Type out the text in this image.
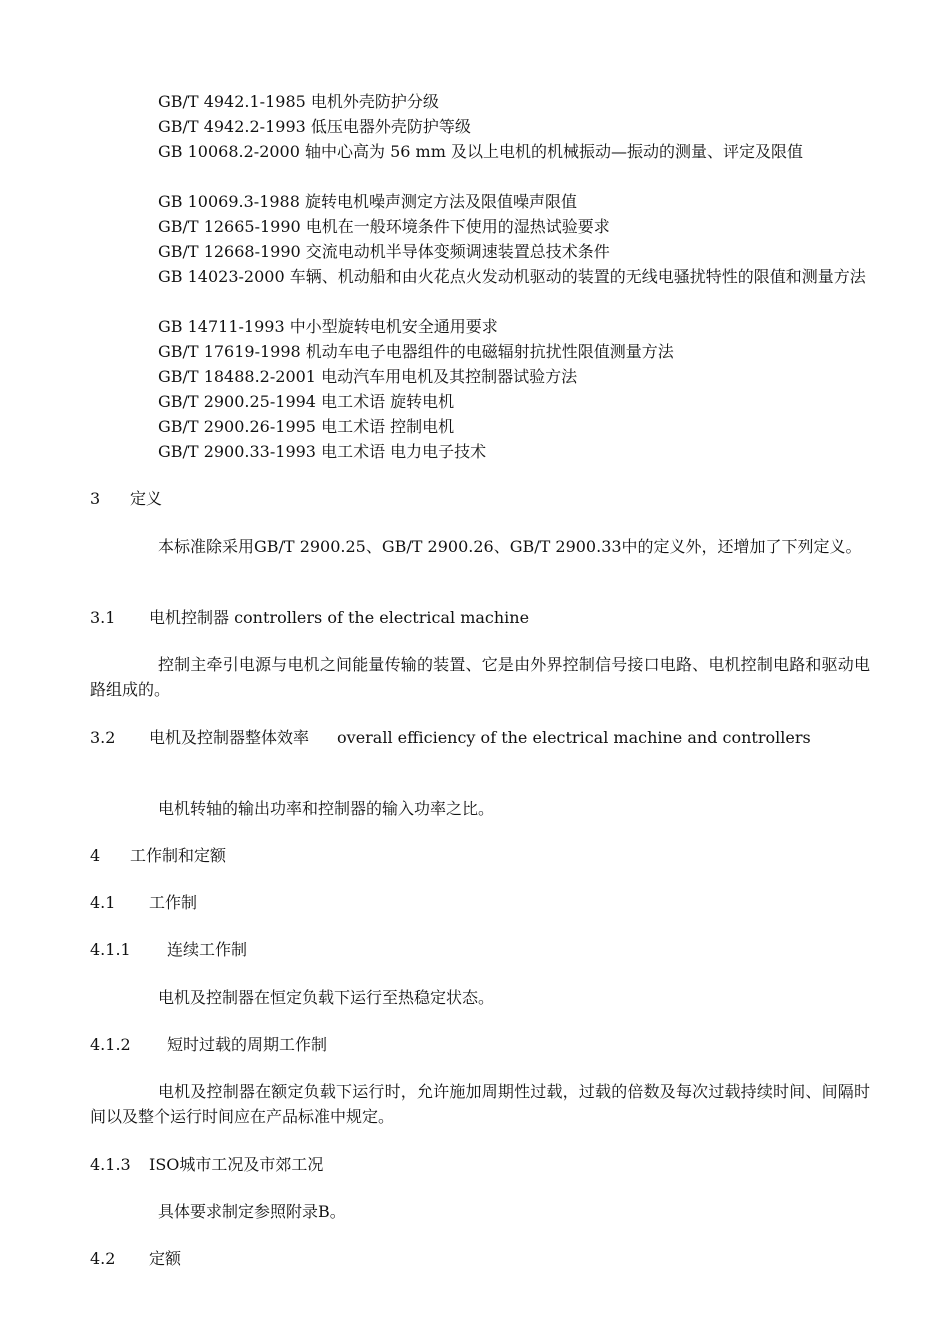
GB/T 4942.1-1985 电机外壳防护分级
GB/T 4942.2-1993 低压电器外壳防护等级
GB 10068.2-2000 轴中心高为 56 mm 及以上电机的机械振动—振动的测量、评定及限值
GB 10069.3-1988 旋转电机噪声测定方法及限值噪声限值
GB/T 12665-1990 电机在一般环境条件下使用的湿热试验要求
GB/T 12668-1990 交流电动机半导体变频调速装置总技术条件
GB 14023-2000 车辆、机动船和由火花点火发动机驱动的装置的无线电骚扰特性的限值和测量方法
GB 14711-1993 中小型旋转电机安全通用要求
GB/T 17619-1998 机动车电子电器组件的电磁辐射抗扰性限值测量方法
GB/T 18488.2-2001 电动汽车用电机及其控制器试验方法
GB/T 2900.25-1994 电工术语 旋转电机
GB/T 2900.26-1995 电工术语 控制电机
GB/T 2900.33-1993 电工术语 电力电子技术
3 定义
本标准除采用GB/T 2900.25、GB/T 2900.26、GB/T 2900.33中的定义外，还增加了下列定义。
3.1 电机控制器 controllers of the electrical machine
控制主牵引电源与电机之间能量传输的装置、它是由外界控制信号接口电路、电机控制电路和驱动电路组成的。
3.2 电机及控制器整体效率 overall efficiency of the electrical machine and controllers
电机转轴的输出功率和控制器的输入功率之比。
4 工作制和定额
4.1 工作制
4.1.1 连续工作制
电机及控制器在恒定负载下运行至热稳定状态。
4.1.2 短时过载的周期工作制
电机及控制器在额定负载下运行时，允许施加周期性过载，过载的倍数及每次过载持续时间、间隔时间以及整个运行时间应在产品标准中规定。
4.1.3 ISO城市工况及市郊工况
具体要求制定参照附录B。
4.2 定额
